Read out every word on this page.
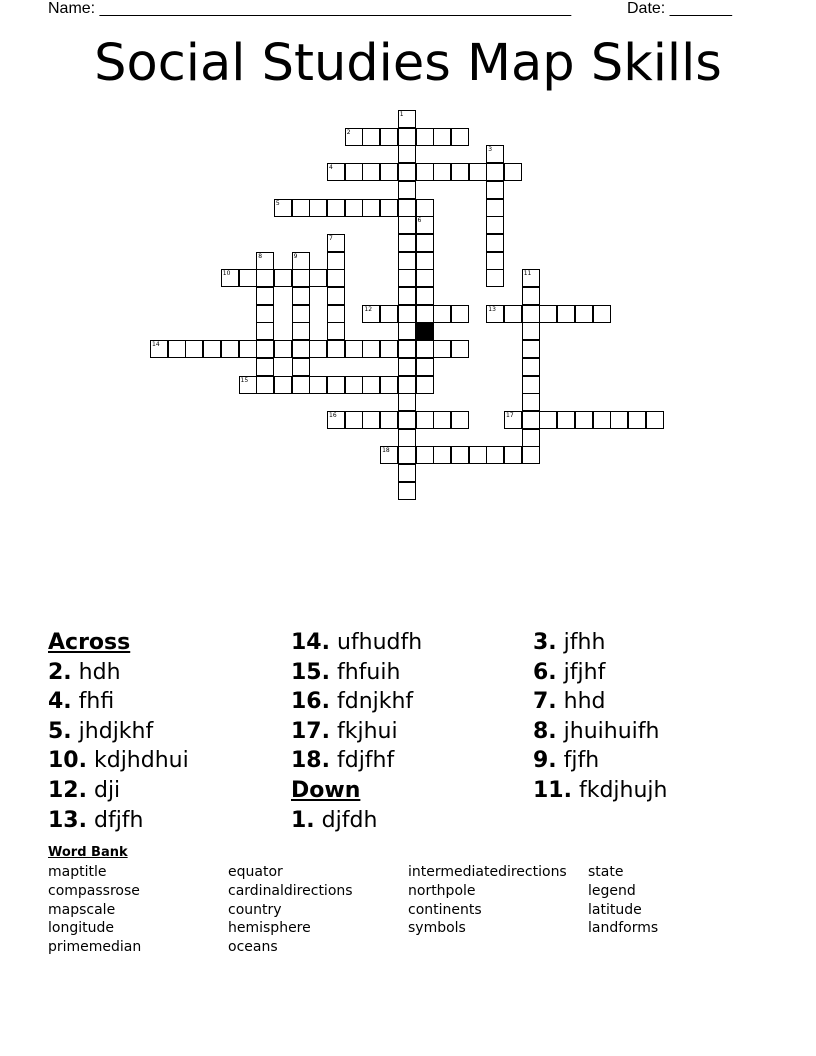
Name: _____________________________________________________	Date: _______
Social Studies Map Skills
1
2
3
4
5
6
7
8	9
10	11
12	13
14
15
16	17
18
Across
2. hdh
4. fhfi
5. jhdjkhf
10. kdjhdhui
12. dji
13. dfjfh
14. ufhudfh
15. fhfuih
16. fdnjkhf
17. fkjhui
18. fdjfhf
Down
1. djfdh
3. jfhh
6. jfjhf
7. hhd
8. jhuihuifh
9. fjfh
11. fkdjhujh
Word Bank
maptitle
compassrose
mapscale
longitude
primemedian
equator
cardinaldirections
country
hemisphere
oceans
intermediatedirections
northpole
continents
symbols
state
legend
latitude
landforms
